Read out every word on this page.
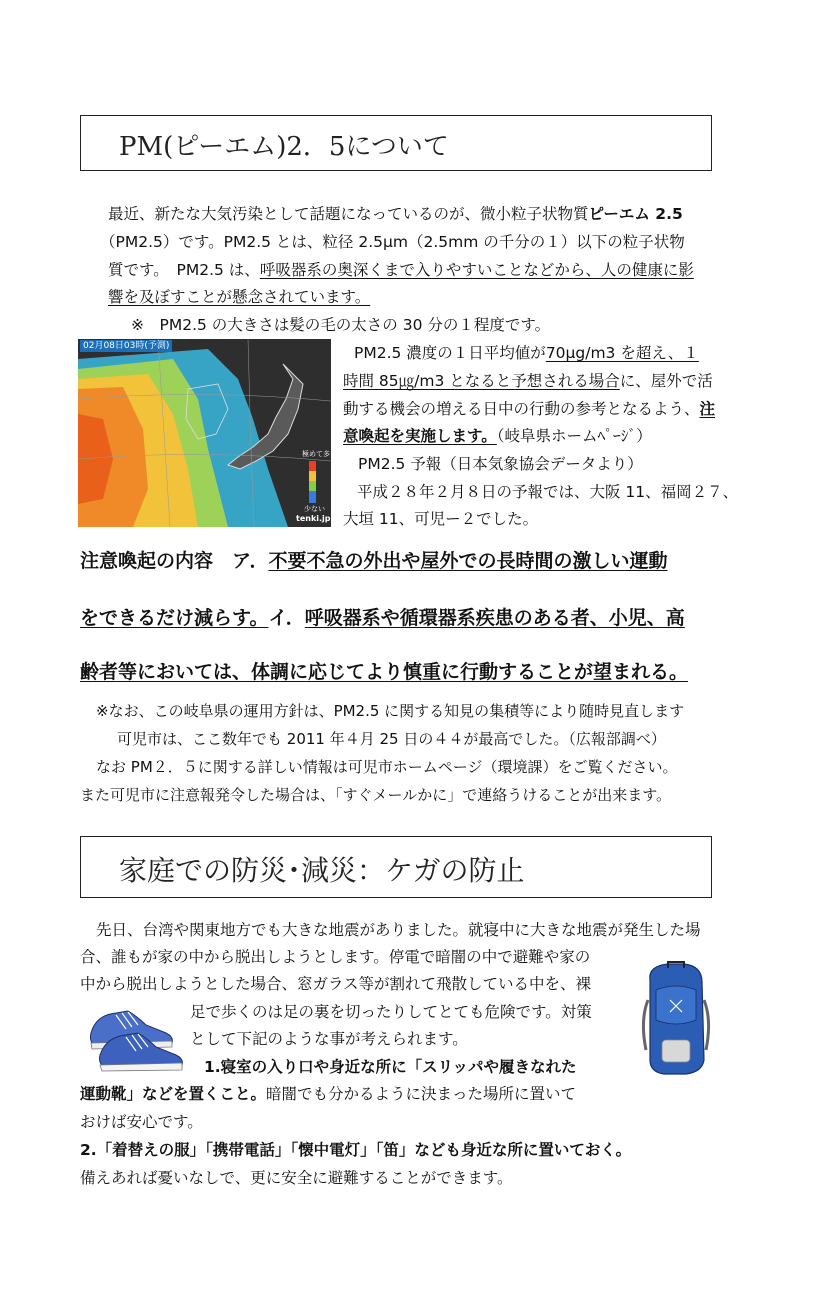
PM(ピーエム)2．5について
最近、新たな大気汚染として話題になっているのが、微小粒子状物質ピーエム 2.5
（PM2.5）です。PM2.5 とは、粒径 2.5μm（2.5mm の千分の１）以下の粒子状物
質です。　PM2.5 は、呼吸器系の奥深くまで入りやすいことなどから、人の健康に影
響を及ぼすことが懸念されています。
※　PM2.5 の大きさは髪の毛の太さの 30 分の１程度です。
02月08日03時(予測)
極めて多い
少ない
tenki.jp
PM2.5 濃度の１日平均値が70μg/m3 を超え、１
時間 85㎍/m3 となると予想される場合に、屋外で活
動する機会の増える日中の行動の参考となるよう、注
意喚起を実施します。（岐阜県ホームﾍﾟｰｼﾞ）
PM2.5 予報（日本気象協会データより）
平成２８年２月８日の予報では、大阪 11、福岡２７、
大垣 11、可児ー２でした。
注意喚起の内容　ア．不要不急の外出や屋外での長時間の激しい運動
をできるだけ減らす。イ．呼吸器系や循環器系疾患のある者、小児、高
齢者等においては、体調に応じてより慎重に行動することが望まれる。
※なお、この岐阜県の運用方針は、PM2.5 に関する知見の集積等により随時見直します
可児市は、ここ数年でも 2011 年４月 25 日の４４が最高でした。（広報部調べ）
なお PM２．５に関する詳しい情報は可児市ホームページ（環境課）をご覧ください。
また可児市に注意報発令した場合は、「すぐメールかに」で連絡うけることが出来ます。
家庭での防災･減災：ケガの防止
先日、台湾や関東地方でも大きな地震がありました。就寝中に大きな地震が発生した場
合、誰もが家の中から脱出しようとします。停電で暗闇の中で避難や家の
中から脱出しようとした場合、窓ガラス等が割れて飛散している中を、裸
足で歩くのは足の裏を切ったりしてとても危険です。対策
として下記のような事が考えられます。
1.寝室の入り口や身近な所に「スリッパや履きなれた
運動靴」などを置くこと。暗闇でも分かるように決まった場所に置いて
おけば安心です。
2.「着替えの服」「携帯電話」「懐中電灯」「笛」なども身近な所に置いておく。
備えあれば憂いなしで、更に安全に避難することができます。
